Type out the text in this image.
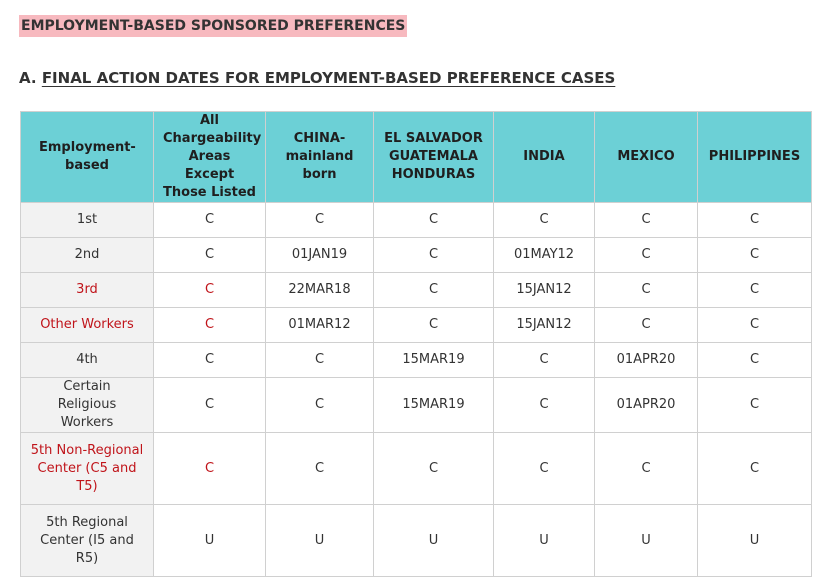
EMPLOYMENT-BASED SPONSORED PREFERENCES
A. FINAL ACTION DATES FOR EMPLOYMENT-BASED PREFERENCE CASES
Employment-based	All Chargeability Areas Except Those Listed	CHINA-mainland born	EL SALVADOR GUATEMALA HONDURAS	INDIA	MEXICO	PHILIPPINES
1st	C	C	C	C	C	C
2nd	C	01JAN19	C	01MAY12	C	C
3rd	C	22MAR18	C	15JAN12	C	C
Other Workers	C	01MAR12	C	15JAN12	C	C
4th	C	C	15MAR19	C	01APR20	C
Certain Religious Workers	C	C	15MAR19	C	01APR20	C
5th Non-Regional Center (C5 and T5)	C	C	C	C	C	C
5th Regional Center (I5 and R5)	U	U	U	U	U	U
